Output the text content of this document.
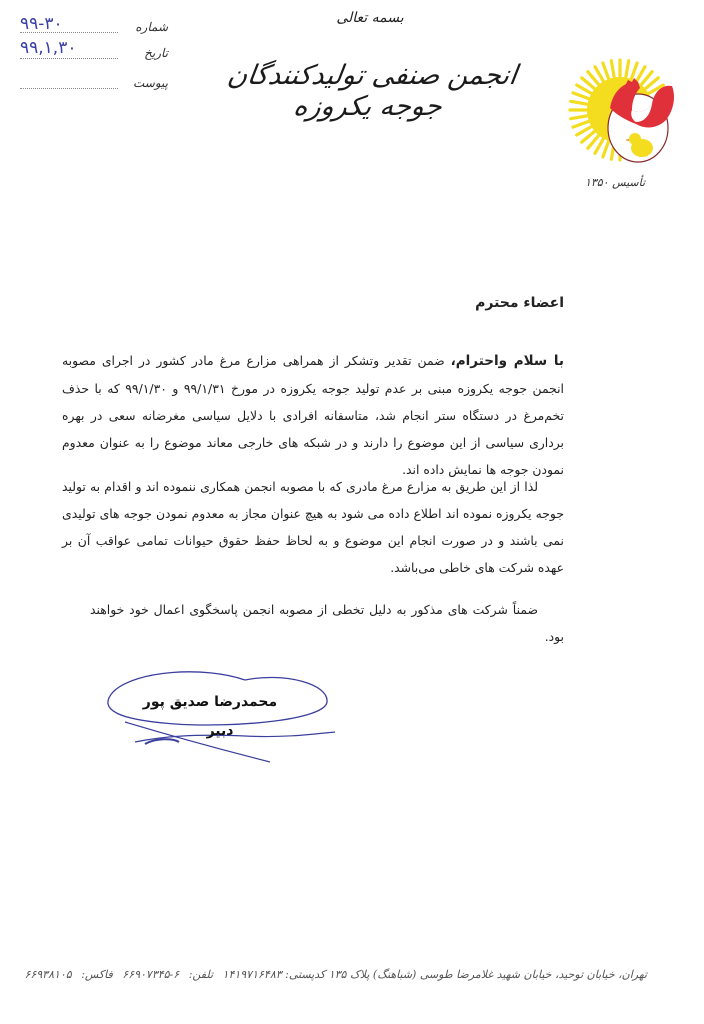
۹۹-۳۰	شماره
۹۹,۱,۳۰	تاریخ
پیوست
بسمه تعالی
انجمن صنفی تولیدکنندگان جوجه یکروزه
تأسیس ۱۳۵۰
اعضاء محترم
با سلام واحترام، ضمن تقدیر وتشکر از همراهی مزارع مرغ مادر کشور در اجرای مصوبه انجمن جوجه یکروزه مبنی بر عدم تولید جوجه یکروزه در مورخ ۹۹/۱/۳۱ و ۹۹/۱/۳۰ که با حذف تخم‌مرغ در دستگاه ستر انجام شد، متاسفانه افرادی با دلایل سیاسی مغرضانه سعی در بهره برداری سیاسی از این موضوع را دارند و در شبکه های خارجی معاند موضوع را به عنوان معدوم نمودن جوجه ها نمایش داده اند.
لذا از این طریق به مزارع مرغ مادری که با مصوبه انجمن همکاری ننموده اند و اقدام به تولید جوجه یکروزه نموده اند اطلاع داده می شود به هیچ عنوان مجاز به معدوم نمودن جوجه های تولیدی نمی باشند و در صورت انجام این موضوع و به لحاظ حفظ حقوق حیوانات تمامی عواقب آن بر عهده شرکت های خاطی می‌باشد.
ضمناً شرکت های مذکور به دلیل تخطی از مصوبه انجمن پاسخگوی اعمال خود خواهند بود.
محمدرضا صدیق پور
دبیر
تهران، خیابان توحید، خیابان شهید غلامرضا طوسی (شباهنگ) پلاک ۱۳۵ کدپستی: ۱۴۱۹۷۱۶۴۸۳ تلفن: ۶-۶۶۹۰۷۳۴۵ فاکس: ۶۶۹۳۸۱۰۵
